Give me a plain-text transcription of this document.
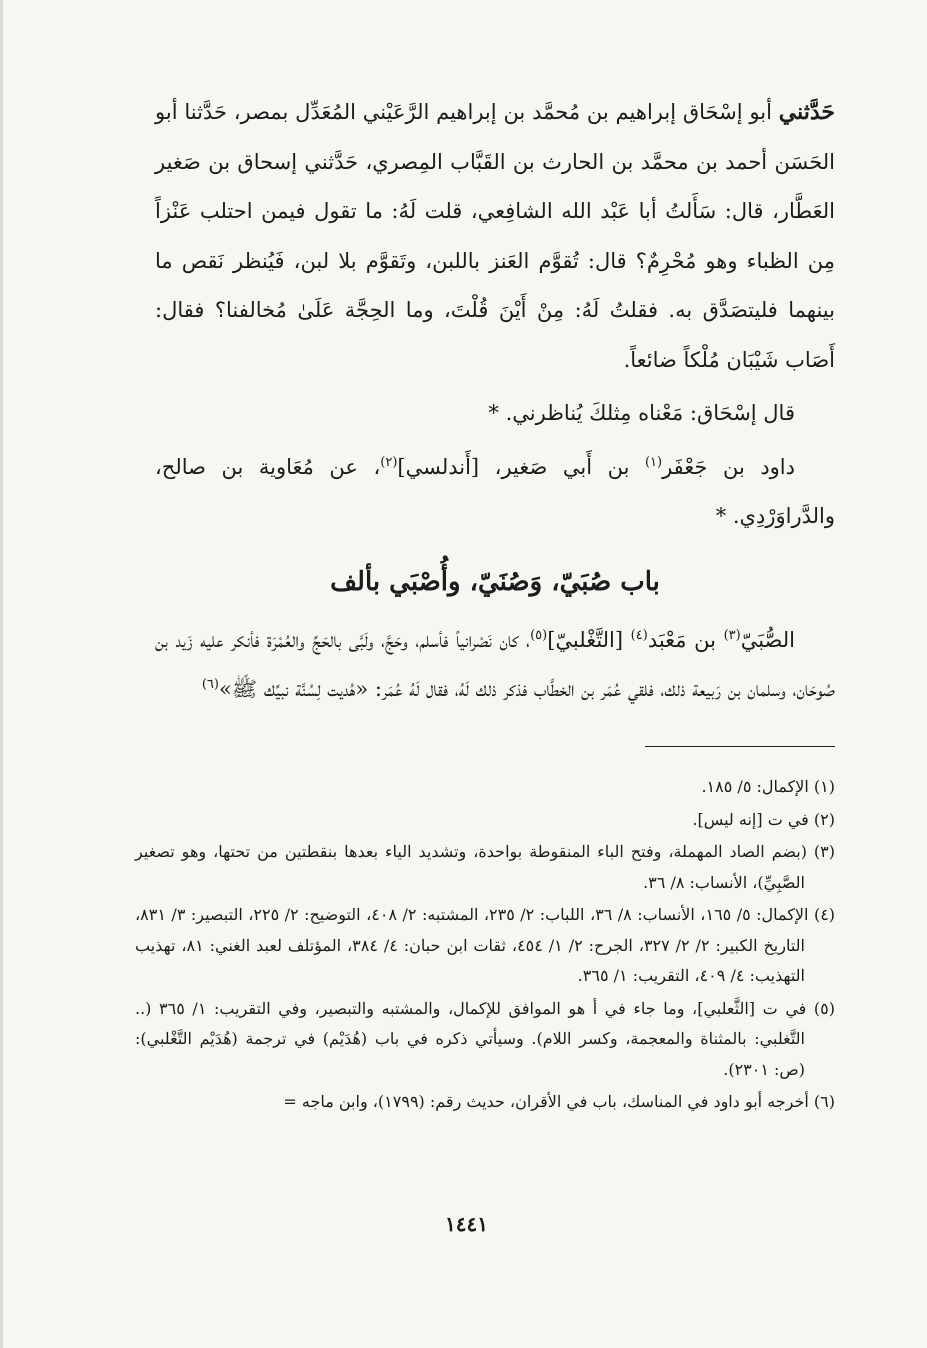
حَدَّثني أبو إسْحَاق إبراهيم بن مُحمَّد بن إبراهيم الرَّعَيْني المُعَدِّل بمصر، حَدَّثنا أبو الحَسَن أحمد بن محمَّد بن الحارث بن القَبَّاب المِصري، حَدَّثني إسحاق بن صَغير العَطَّار، قال: سَأَلتُ أبا عَبْد الله الشافِعي، قلت لَهُ: ما تقول فيمن احتلب عَنْزاً مِن الظباء وهو مُحْرِمٌ؟ قال: تُقوَّم العَنز باللبن، وتَقوَّم بلا لبن، فَيُنظر نَقص ما بينهما فليتصَدَّق به. فقلتُ لَهُ: مِنْ أَيْنَ قُلْتَ، وما الحِجَّة عَلَىٰ مُخالفنا؟ فقال: أَصَاب شَيْبَان مُلْكاً ضائعاً.

قال إسْحَاق: مَعْناه مِثلكَ يُناظرني. *

داود بن جَعْفَر$^{(١)}$ بن أَبي صَغير، [أَندلسي]$^{(٢)}$، عن مُعَاوية بن صالح، والدَّراوَرْدِي. *

باب صُبَيّ، وَصُنَيّ، وأُصْبَي بألف

الصُّبَيّ$^{(٣)}$ بن مَعْبَد$^{(٤)}$ [التَّغْلبيّ]$^{(٥)}$، كان نَصْرانياً فأسلم، وحَجَّ، ولَبَّى بالحَجِّ والعُمْرَة فأنكر عليه زَيد بن صُوحَان، وسلمان بن رَبيعة ذلك، فلقي عُمَر بن الخطَّاب فذكر ذلك لَهُ، فقال لَهُ عُمَر: «هُديت لِسُنَّة نبيِّك ﷺ»$^{(٦)}$

(١) الإكمال: ٥/ ١٨٥.

(٢) في ت [إنه ليس].

(٣) (بضم الصاد المهملة، وفتح الباء المنقوطة بواحدة، وتشديد الياء بعدها بنقطتين من تحتها، وهو تصغير الصَّبِيِّ)، الأنساب: ٨/ ٣٦.

(٤) الإكمال: ٥/ ١٦٥، الأنساب: ٨/ ٣٦، اللباب: ٢/ ٢٣٥، المشتبه: ٢/ ٤٠٨، التوضيح: ٢/ ٢٢٥، التبصير: ٣/ ٨٣١، التاريخ الكبير: ٢/ ٢/ ٣٢٧، الجرح: ٢/ ١/ ٤٥٤، ثقات ابن حبان: ٤/ ٣٨٤، المؤتلف لعبد الغني: ٨١، تهذيب التهذيب: ٤/ ٤٠٩، التقريب: ١/ ٣٦٥.

(٥) في ت [الثَّعلبي]، وما جاء في أ هو الموافق للإكمال، والمشتبه والتبصير، وفي التقريب: ١/ ٣٦٥ (.. التَّغلبي: بالمثناة والمعجمة، وكسر اللام). وسيأتي ذكره في باب (هُدَيْم) في ترجمة (هُدَيْم التَّغْلبي): (ص: ٢٣٠١).

(٦) أخرجه أبو داود في المناسك، باب في الأقران، حديث رقم: (١٧٩٩)، وابن ماجه =

١٤٤١
